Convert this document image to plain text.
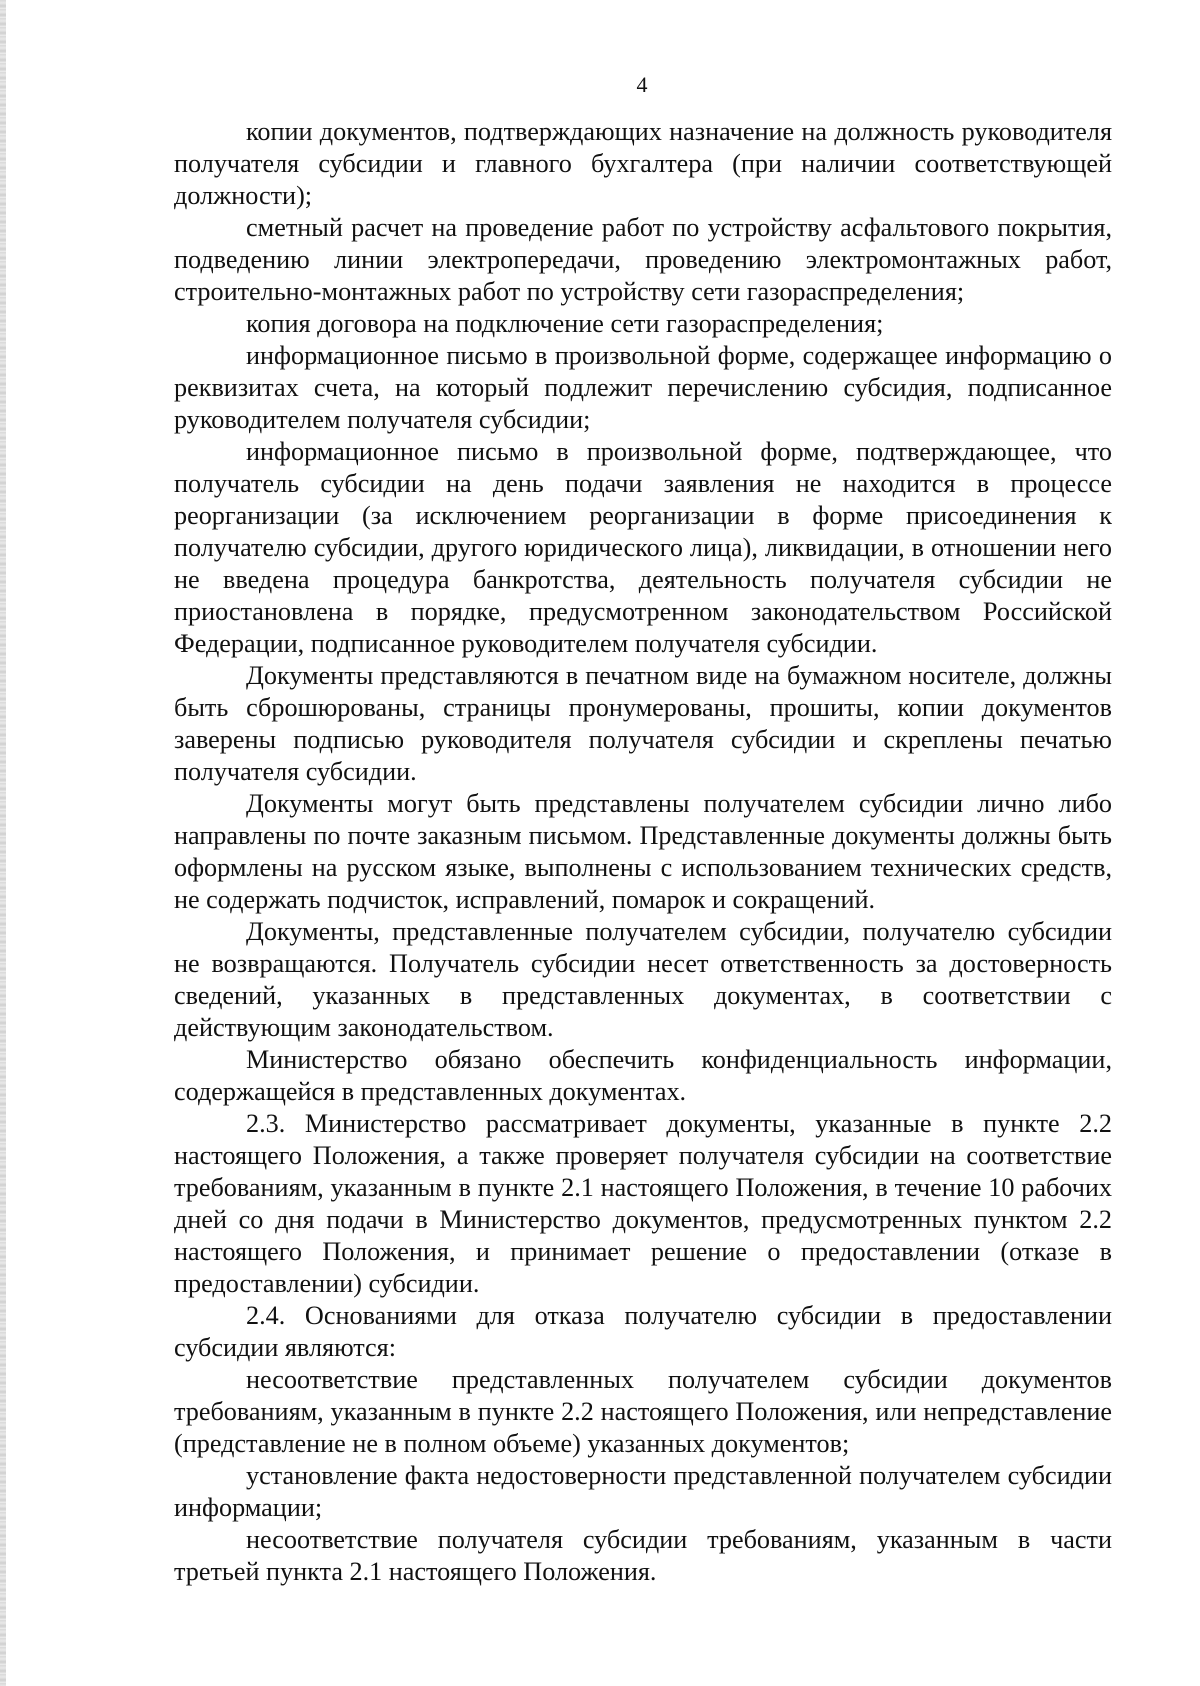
4

копии документов, подтверждающих назначение на должность руководителя получателя субсидии и главного бухгалтера (при наличии соответствующей должности);

сметный расчет на проведение работ по устройству асфальтового покрытия, подведению линии электропередачи, проведению электромонтажных работ, строительно-монтажных работ по устройству сети газораспределения;

копия договора на подключение сети газораспределения;

информационное письмо в произвольной форме, содержащее информацию о реквизитах счета, на который подлежит перечислению субсидия, подписанное руководителем получателя субсидии;

информационное письмо в произвольной форме, подтверждающее, что получатель субсидии на день подачи заявления не находится в процессе реорганизации (за исключением реорганизации в форме присоединения к получателю субсидии, другого юридического лица), ликвидации, в отношении него не введена процедура банкротства, деятельность получателя субсидии не приостановлена в порядке, предусмотренном законодательством Российской Федерации, подписанное руководителем получателя субсидии.

Документы представляются в печатном виде на бумажном носителе, должны быть сброшюрованы, страницы пронумерованы, прошиты, копии документов заверены подписью руководителя получателя субсидии и скреплены печатью получателя субсидии.

Документы могут быть представлены получателем субсидии лично либо направлены по почте заказным письмом. Представленные документы должны быть оформлены на русском языке, выполнены с использованием технических средств, не содержать подчисток, исправлений, помарок и сокращений.

Документы, представленные получателем субсидии, получателю субсидии не возвращаются. Получатель субсидии несет ответственность за достоверность сведений, указанных в представленных документах, в соответствии с действующим законодательством.

Министерство обязано обеспечить конфиденциальность информации, содержащейся в представленных документах.

2.3. Министерство рассматривает документы, указанные в пункте 2.2 настоящего Положения, а также проверяет получателя субсидии на соответствие требованиям, указанным в пункте 2.1 настоящего Положения, в течение 10 рабочих дней со дня подачи в Министерство документов, предусмотренных пунктом 2.2 настоящего Положения, и принимает решение о предоставлении (отказе в предоставлении) субсидии.

2.4. Основаниями для отказа получателю субсидии в предоставлении субсидии являются:

несоответствие представленных получателем субсидии документов требованиям, указанным в пункте 2.2 настоящего Положения, или непредставление (представление не в полном объеме) указанных документов;

установление факта недостоверности представленной получателем субсидии информации;

несоответствие получателя субсидии требованиям, указанным в части третьей пункта 2.1 настоящего Положения.
